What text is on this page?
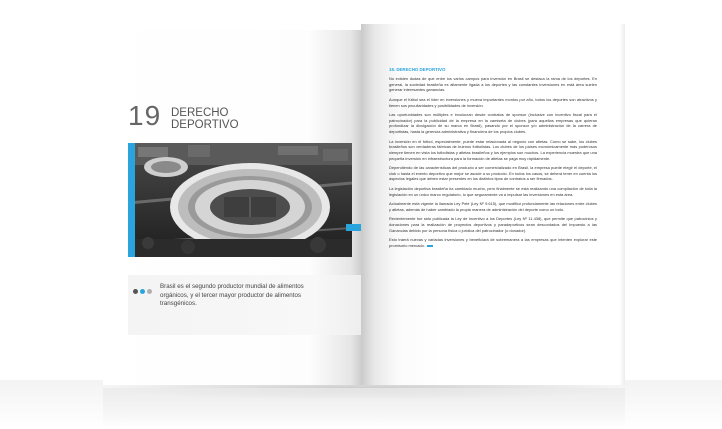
19 DERECHO
DEPORTIVO
Brasil es el segundo productor mundial de alimentos
orgánicos, y el tercer mayor productor de alimentos
transgénicos.
19. DERECHO DEPORTIVO

No existen dudas de que entre los varios campos para inversión en Brasil se destaca la rama de los deportes. En general, la sociedad brasileña es altamente ligada a los deportes y las constantes inversiones en está área suelen generar interesantes ganancias.

Aunque el fútbol sea el líder en inversiones y mueva importantes montos por año, todos los deportes son atractivos y tienen sus peculiaridades y posibilidades de inversión.

Las oportunidades son múltiples e involucran desde contratos de sponsor (inclusive con incentivo fiscal para el patrocinador) para la publicidad de la empresa en la camiseta de clubes (para aquellas empresas que quieran profundizar la divulgación de su marca en Brasil), pasando por el sponsor y/o administración de la carrera de deportistas, hasta la gerencia administrativa y financiera de los propios clubes.

La inversión en el fútbol, especialmente, puede estar relacionada al negocio con atletas. Como se sabe, los clubes brasileños son verdaderas fábricas de buenos futbolistas. Los clubes de los países económicamente más poderosos siempre tienen en vista los futbolistas y atletas brasileños y los ejemplos son muchos. La experiencia muestra que una pequeña inversión en infraestructura para la formación de atletas se paga muy rápidamente.

Dependiendo de las características del producto a ser comercializado en Brasil, la empresa puede elegir el deporte, el club o hasta el evento deportivo que mejor se asocie a su producto. En todos los casos, se deberá tener en cuenta los aspectos legales que deben estar presentes en los distintos tipos de contratos a ser firmados.

La legislación deportiva brasileña ha cambiado mucho, pero finalmente se está realizando una compilación de toda la legislación en un único marco regulatorio, lo que seguramente va a impulsar las inversiones en esta área.

Actualmente está vigente la llamada Ley Pelé (Ley Nº 9.615), que modificó profundamente las relaciones entre clubes y atletas, además de haber cambiado la propia manera de administración del deporte como un todo.

Recientemente fue sido publicada la Ley de Incentivo a los Deportes (Ley Nº 11.438), que permite que patrocinios y donaciones para la realización de proyectos deportivos y paradeportivos sean descontados del Impuesto a las Ganancias debido por la persona física o jurídica del patrocinador (o donador).

Esto traerá nuevas y variadas inversiones y beneficiará de sobremanera a las empresas que intenten explorar este promisorio mercado.
